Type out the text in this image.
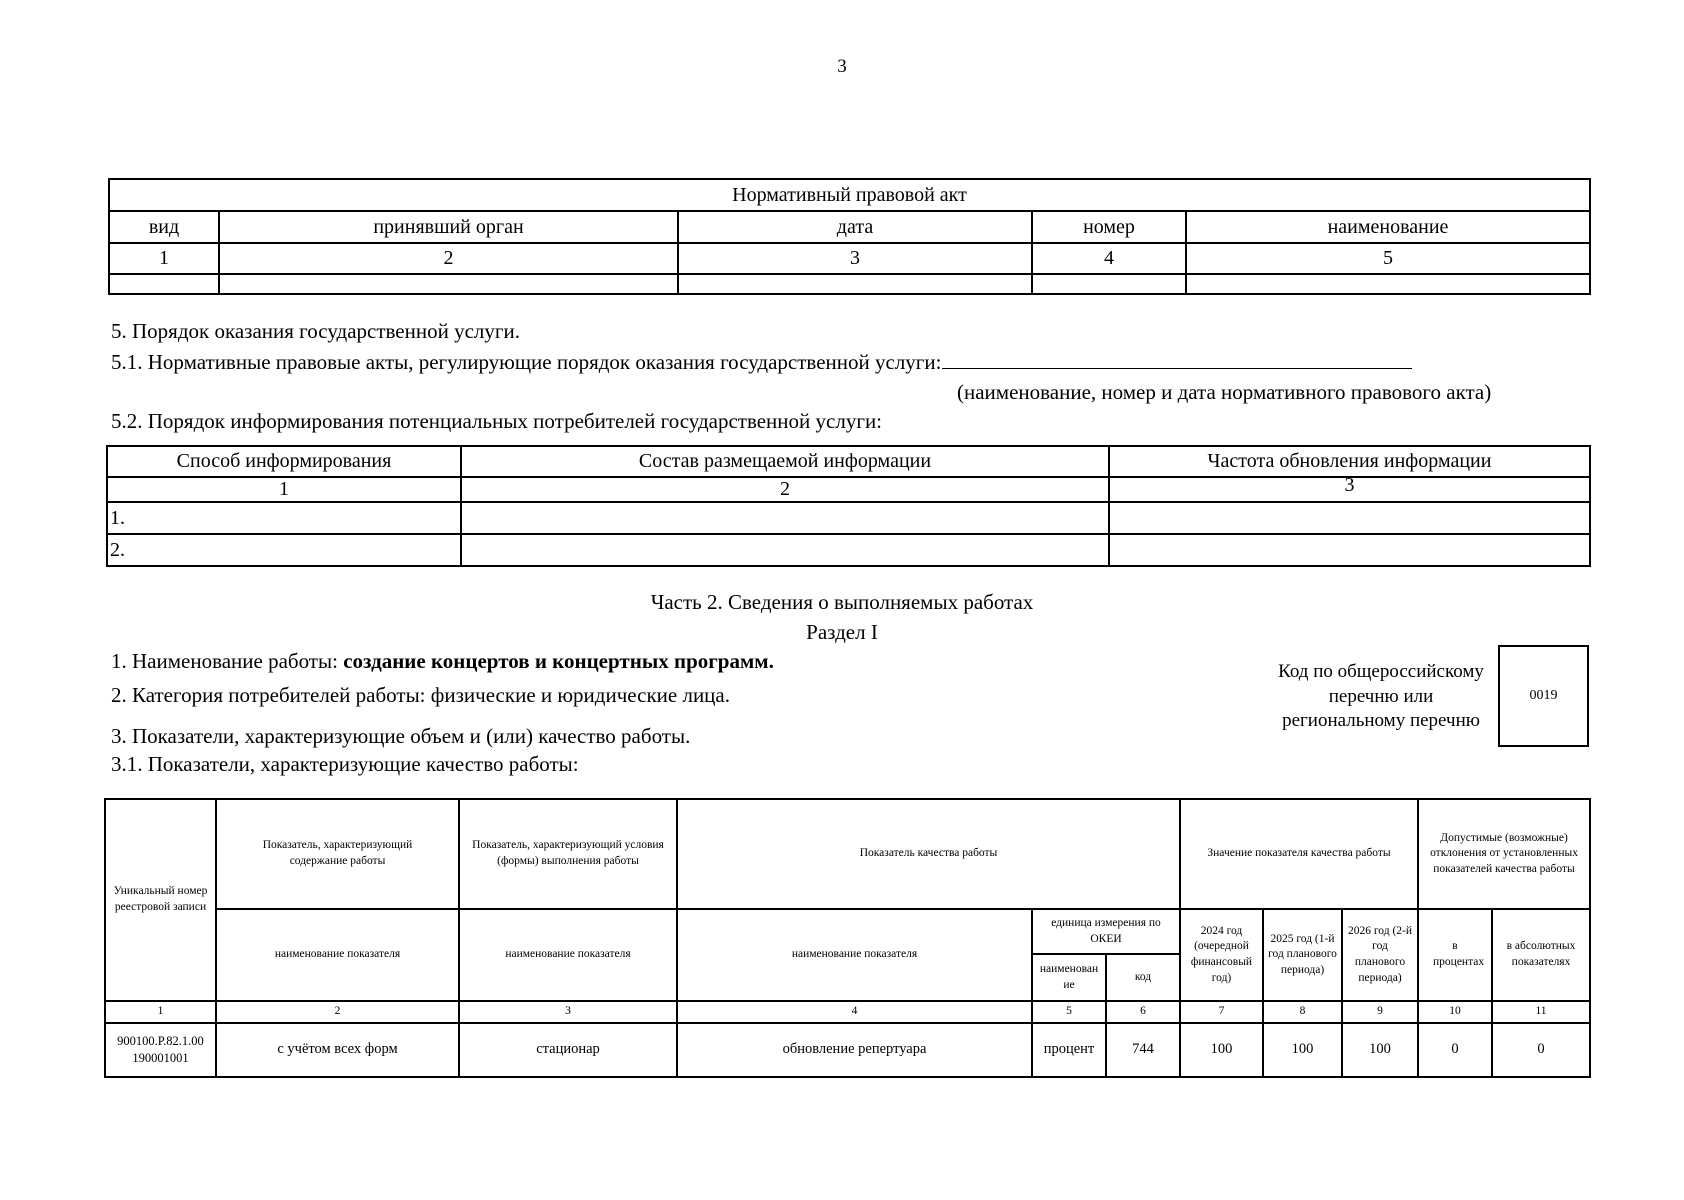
3
Нормативный правовой акт				
вид	принявший орган	дата	номер	наименование
1	2	3	4	5

5. Порядок оказания государственной услуги.
5.1. Нормативные правовые акты, регулирующие порядок оказания государственной услуги:
(наименование, номер и дата нормативного правового акта)
5.2. Порядок информирования потенциальных потребителей государственной услуги:
Способ информирования	Состав размещаемой информации	Частота обновления информации
1	2	3
1.		
2.		
Часть 2. Сведения о выполняемых работах
Раздел I
1. Наименование работы: создание концертов и концертных программ.
2. Категория потребителей работы: физические и юридические лица.
3. Показатели, характеризующие объем и (или) качество работы.
3.1. Показатели, характеризующие качество работы:
Код по общероссийскому
перечню или
региональному перечню
0019
Уникальный номер реестровой записи	Показатель, характеризующий содержание работы	Показатель, характеризующий условия (формы) выполнения работы	Показатель качества работы			Значение показателя качества работы			Допустимые (возможные) отклонения от установленных показателей качества работы	
	наименование показателя	наименование показателя	наименование показателя	единица измерения по ОКЕИ		2024 год (очередной финансовый год)	2025 год (1-й год планового периода)	2026 год (2-й год планового периода)	в процентах	в абсолютных показателях
				наименован ие	код					
1	2	3	4	5	6	7	8	9	10	11

900100.Р.82.1.00
190001001	с учётом всех форм	стационар	обновление репертуара	процент	744	100	100	100	0	0
